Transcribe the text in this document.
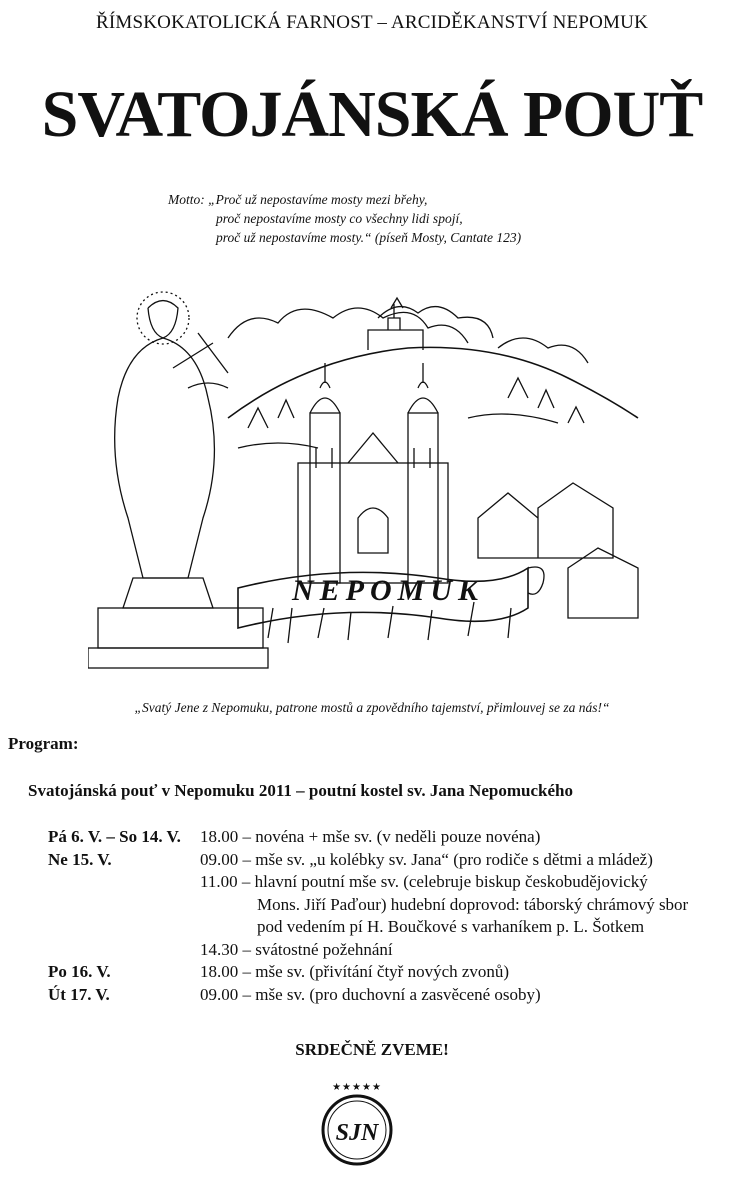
ŘÍMSKOKATOLICKÁ FARNOST – ARCIDĚKANSTVÍ NEPOMUK
SVATOJÁNSKÁ POUŤ
Motto: „Proč už nepostavíme mosty mezi břehy,
proč nepostavíme mosty co všechny lidi spojí,
proč už nepostavíme mosty.“ (píseň Mosty, Cantate 123)
NEPOMUK
„Svatý Jene z Nepomuku, patrone mostů a zpovědního tajemství, přimlouvej se za nás!“
Program:
Svatojánská pouť v Nepomuku 2011 – poutní kostel sv. Jana Nepomuckého
Pá 6. V. – So 14. V.	18.00 – novéna + mše sv. (v neděli pouze novéna)
Ne 15. V.	09.00 – mše sv. „u kolébky sv. Jana“ (pro rodiče s dětmi a mládež)
11.00 – hlavní poutní mše sv. (celebruje biskup českobudějovický
Mons. Jiří Paďour) hudební doprovod: táborský chrámový sbor
pod vedením pí H. Boučkové s varhaníkem p. L. Šotkem
14.30 – svátostné požehnání
Po 16. V.	18.00 – mše sv. (přivítání čtyř nových zvonů)
Út 17. V.	09.00 – mše sv. (pro duchovní a zasvěcené osoby)
SRDEČNĚ ZVEME!
★★★★★
SJN
